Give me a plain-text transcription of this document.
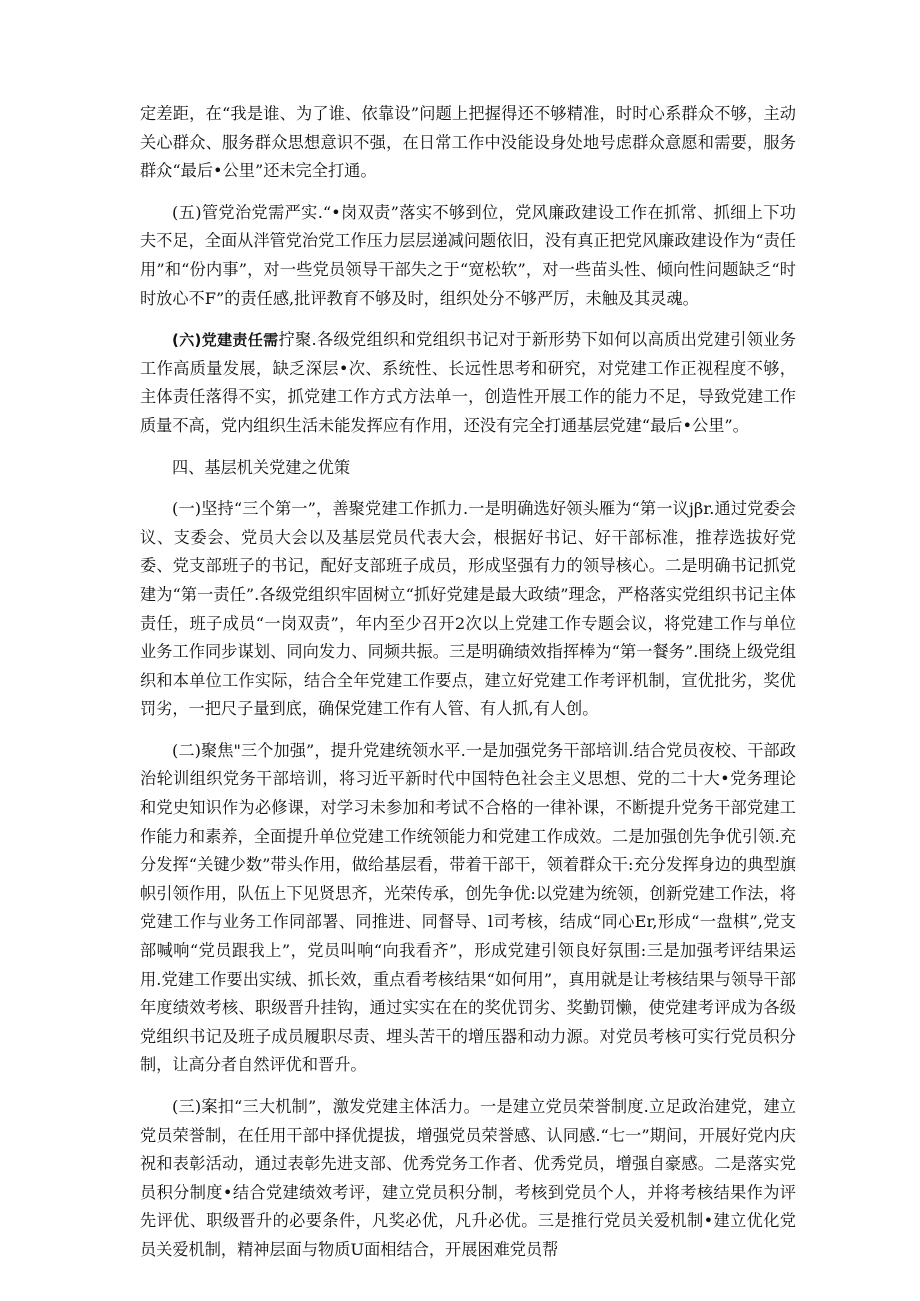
定差距，在“我是谁、为了谁、依靠设”问题上把握得还不够精准，时时心系群众不够，主动关心群众、服务群众思想意识不强，在日常工作中没能设身处地号虑群众意愿和需要，服务群众“最后•公里”还未完全打通。

(五)管党治党需严实.“•岗双责”落实不够到位，党风廉政建设工作在抓常、抓细上下功夫不足，全面从泮管党治党工作压力层层递减问题依旧，没有真正把党风廉政建设作为“责任用”和“份内事”，对一些党员领导干部失之于“宽松软”，对一些苗头性、倾向性问题缺乏“时时放心不F”的责任感,批评教育不够及时，组织处分不够严厉，未触及其灵魂。

(六)党建责任需拧聚.各级党组织和党组织书记对于新形势下如何以高质出党建引领业务工作高质量发展，缺乏深层•次、系统性、长远性思考和研究，对党建工作正视程度不够，主体责任落得不实，抓党建工作方式方法单一，创造性开展工作的能力不足，导致党建工作质量不高，党内组织生活未能发挥应有作用，还没有完全打通基层党建“最后•公里”。

四、基层机关党建之优策

(一)坚持“三个第一”，善聚党建工作抓力.一是明确选好领头雁为“第一议jβr.通过党委会议、支委会、党员大会以及基层党员代表大会，根据好书记、好干部标准，推荐选拔好党委、党支部班子的书记，配好支部班子成员，形成坚强有力的领导核心。二是明确书记抓党建为“第一责任”.各级党组织牢固树立“抓好党建是最大政绩”理念，严格落实党组织书记主体责任，班子成员“一岗双责”，年内至少召开2次以上党建工作专题会议，将党建工作与单位业务工作同步谋划、同向发力、同频共振。三是明确绩效指挥棒为“第一餐务”.围绕上级党组织和本单位工作实际，结合全年党建工作要点，建立好党建工作考评机制，宣优批劣，奖优罚劣，一把尺子量到底，确保党建工作有人管、有人抓,有人创。

(二)聚焦"三个加强”，提升党建统领水平.一是加强党务干部培训.结合党员夜校、干部政治轮训组织党务干部培训，将习近平新时代中国特色社会主义思想、党的二十大•党务理论和党史知识作为必修课，对学习未参加和考试不合格的一律补课，不断提升党务干部党建工作能力和素养，全面提升单位党建工作统领能力和党建工作成效。二是加强创先争优引领.充分发挥“关键少数”带头作用，做给基层看，带着干部干，领着群众干:充分发挥身边的典型旗帜引领作用，队伍上下见贤思齐，光荣传承，创先争优:以党建为统领，创新党建工作法，将党建工作与业务工作同部署、同推进、同督导、l司考核，结成“同心Er,形成“一盘棋”,党支部喊响“党员跟我上”，党员叫响“向我看齐”，形成党建引领良好氛围:三是加强考评结果运用.党建工作要出实绒、抓长效，重点看考核结果“如何用”，真用就是让考核结果与领导干部年度绩效考核、职级晋升挂钩，通过实实在在的奖优罚劣、奖勤罚懒，使党建考评成为各级党组织书记及班子成员履职尽责、埋头苦干的增压器和动力源。对党员考核可实行党员积分制，让高分者自然评优和晋升。

(三)案扣“三大机制”，激发党建主体活力。一是建立党员荣誉制度.立足政治建党，建立党员荣誉制，在任用干部中择优提拔，增强党员荣誉感、认同感.“七一”期间，开展好党内庆祝和表彰活动，通过表彰先进支部、优秀党务工作者、优秀党员，增强自豪感。二是落实党员积分制度•结合党建绩效考评，建立党员积分制，考核到党员个人，并将考核结果作为评先评优、职级晋升的必要条件，凡奖必优，凡升必优。三是推行党员关爱机制•建立优化党员关爱机制，精神层面与物质U面相结合，开展困难党员帮
